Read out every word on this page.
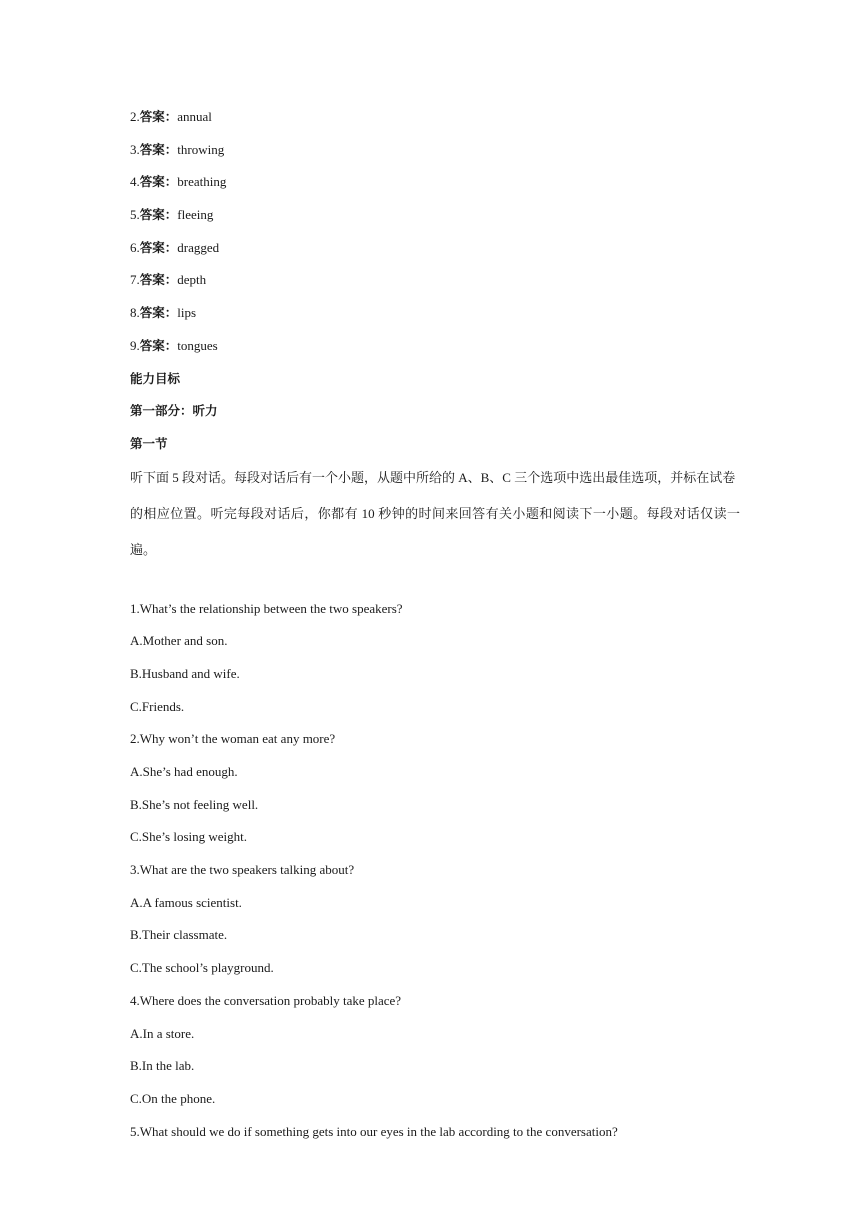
2.答案：annual
3.答案：throwing
4.答案：breathing
5.答案：fleeing
6.答案：dragged
7.答案：depth
8.答案：lips
9.答案：tongues
能力目标
第一部分：听力
第一节
听下面 5 段对话。每段对话后有一个小题，从题中所给的 A、B、C 三个选项中选出最佳选项，并标在试卷
的相应位置。听完每段对话后，你都有 10 秒钟的时间来回答有关小题和阅读下一小题。每段对话仅读一遍。
1.What’s the relationship between the two speakers?
A.Mother and son.
B.Husband and wife.
C.Friends.
2.Why won’t the woman eat any more?
A.She’s had enough.
B.She’s not feeling well.
C.She’s losing weight.
3.What are the two speakers talking about?
A.A famous scientist.
B.Their classmate.
C.The school’s playground.
4.Where does the conversation probably take place?
A.In a store.
B.In the lab.
C.On the phone.
5.What should we do if something gets into our eyes in the lab according to the conversation?
